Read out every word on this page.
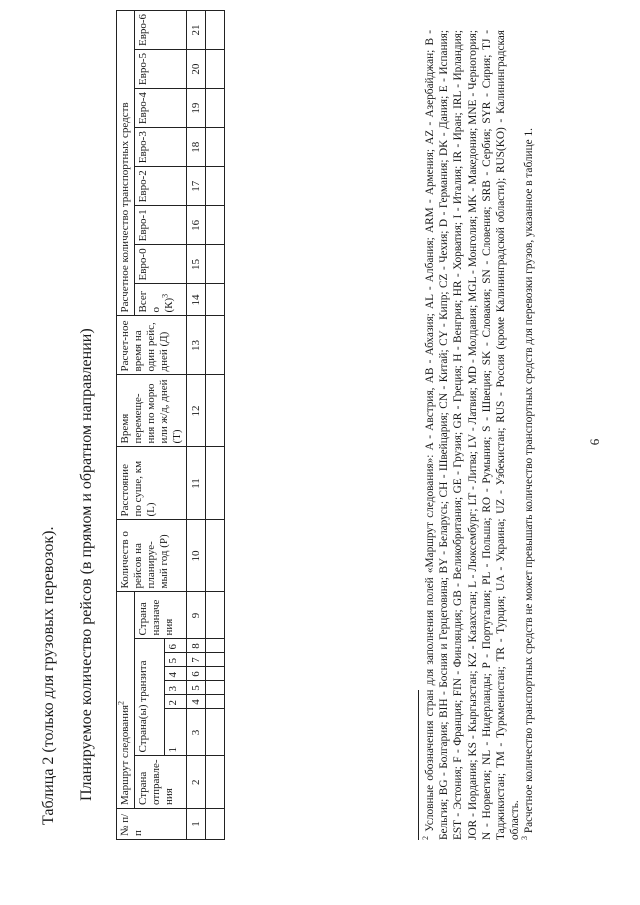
6
Таблица 2 (только для грузовых перевозок). Планируемое количество рейсов (в прямом и обратном направлении)
№ п/п	Маршрут следования$^2$								Количеств о рейсов на планируе-мый год (Р)	Расстояние по суше, км (L)	Время перемеще-ния по морю или ж/д, дней (Т)	Расчет-ное время на один рейс, дней (Д)	Расчетное количество транспортных средств							
	Страна отправле-ния	Страна(ы) транзита						Страна назначе ния					Всег о $(К)^3$	Евро-0	Евро-1	Евро-2	Евро-3	Евро-4	Евро-5	Евро-6
		1	2	3	4	5	6													
1	2	3	4	5	6	7	8	9	10	11	12	13	14	15	16	17	18	19	20	21

$^2$ Условные обозначения стран для заполнения полей «Маршрут следования»: A - Австрия, AB - Абхазия; AL - Албания; ARM - Армения; AZ - Азербайджан; B - Бельгия; BG - Болгария; BIH - Босния и Герцеговина; BY - Беларусь; CH - Швейцария; CN - Китай; CY - Кипр; CZ - Чехия; D - Германия; DK - Дания; E - Испания; EST - Эстония; F - Франция; FIN - Финляндия; GB - Великобритания; GE - Грузия; GR - Греция; H - Венгрия; HR - Хорватия; I - Италия; IR - Иран; IRL - Ирландия; JOR - Иордания; KS - Кыргызстан; KZ - Казахстан; L - Люксембург; LT - Литва; LV - Латвия; MD - Молдавия; MGL - Монголия; MK - Македония; MNE - Черногория; N - Норвегия; NL - Нидерланды; P - Португалия; PL - Польша; RO - Румыния; S - Швеция; SK - Словакия; SN - Словения; SRB - Сербия; SYR - Сирия; TJ - Таджикистан; TM - Туркменистан; TR - Турция; UA - Украина; UZ - Узбекистан; RUS - Россия (кроме Калининградской области); RUS(KO) - Калининградская область. $^3$ Расчетное количество транспортных средств не может превышать количество транспортных средств для перевозки грузов, указанное в таблице 1.
